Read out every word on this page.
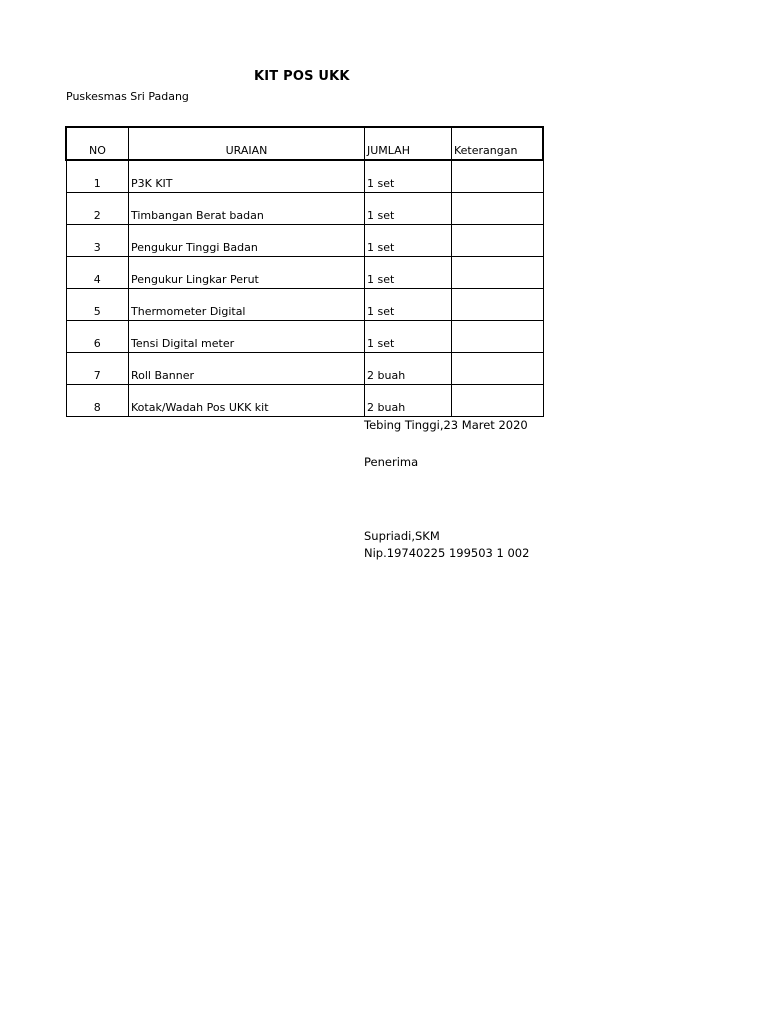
KIT POS UKK
Puskesmas Sri Padang
NO	URAIAN	JUMLAH	Keterangan
1	P3K KIT	1 set	
2	Timbangan Berat badan	1 set	
3	Pengukur Tinggi Badan	1 set	
4	Pengukur Lingkar Perut	1 set	
5	Thermometer Digital	1 set	
6	Tensi Digital meter	1 set	
7	Roll Banner	2 buah	
8	Kotak/Wadah Pos UKK kit	2 buah	
Tebing Tinggi,23 Maret 2020
Penerima
Supriadi,SKM
Nip.19740225 199503 1 002
